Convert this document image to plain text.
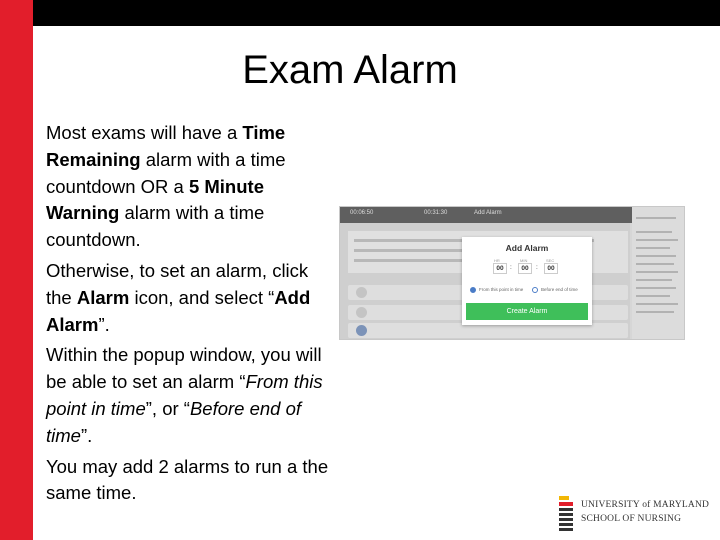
Exam Alarm

Most exams will have a Time Remaining alarm with a time countdown OR a 5 Minute Warning alarm with a time countdown.

Otherwise, to set an alarm, click the Alarm icon, and select “Add Alarm”.

Within the popup window, you will be able to set an alarm “From this point in time”, or “Before end of time”.

You may add 2 alarms to run a the same time.

00:06:50	00:31:30	Add Alarm
Add Alarm
HR	MIN	SEC
00 :	00	:	00
From this point in time	Before end of time
Create Alarm
UNIVERSITY of MARYLAND
SCHOOL OF NURSING
